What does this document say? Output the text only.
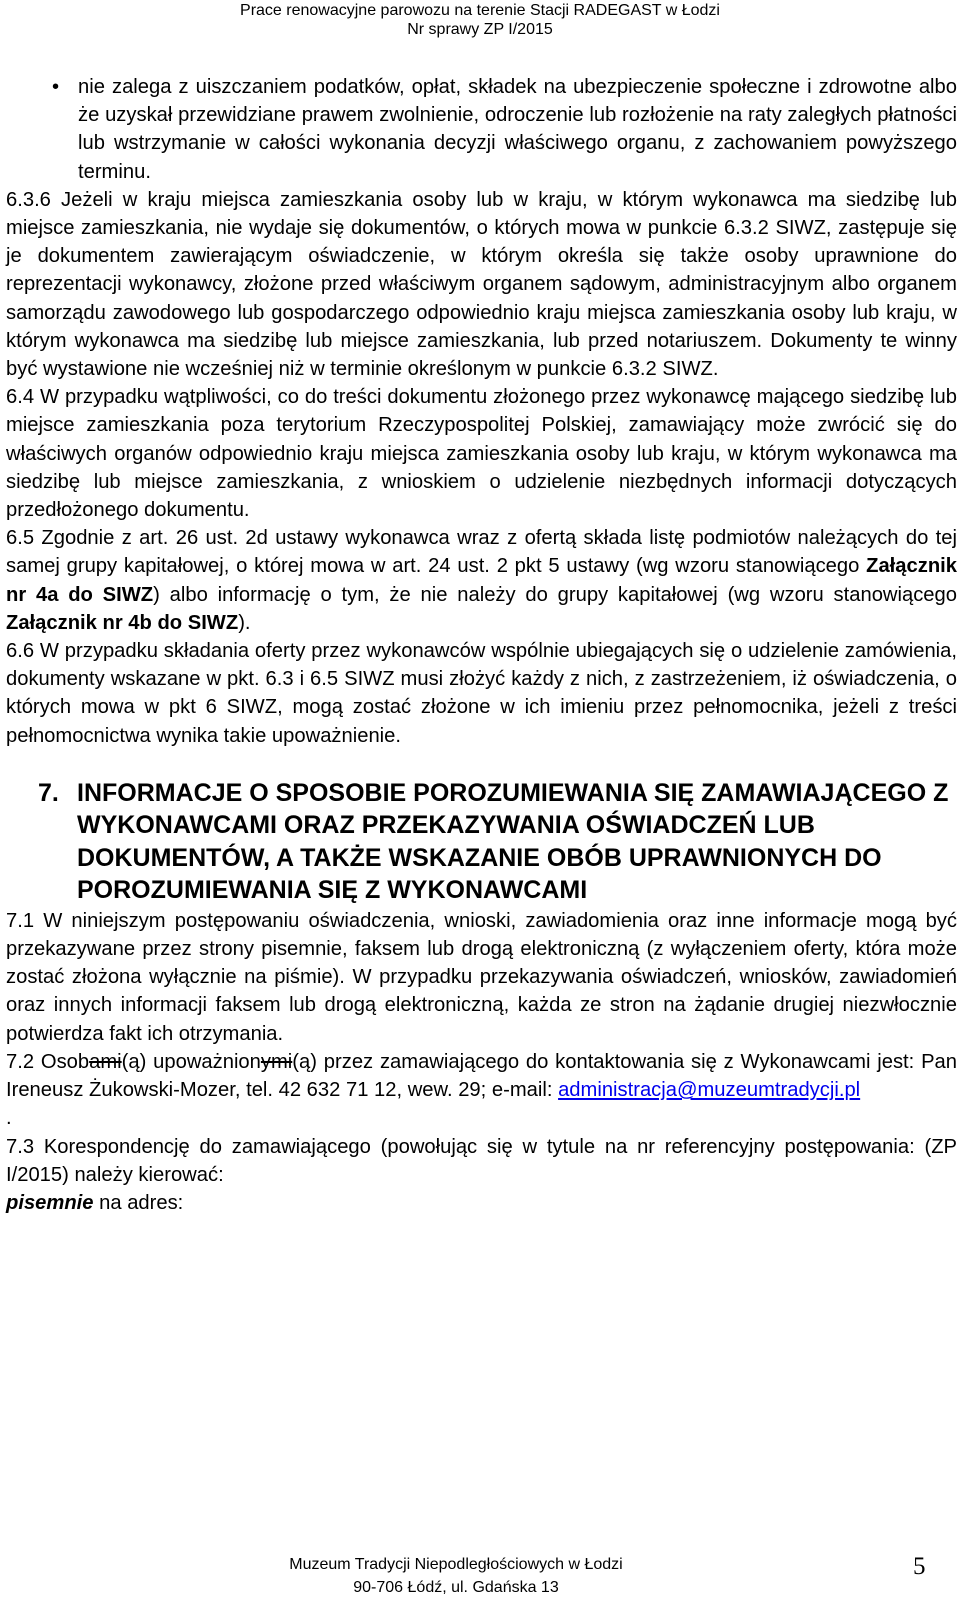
Prace renowacyjne parowozu na terenie Stacji RADEGAST w Łodzi
Nr sprawy ZP I/2015
• nie zalega z uiszczaniem podatków, opłat, składek na ubezpieczenie społeczne i zdrowotne albo że uzyskał przewidziane prawem zwolnienie, odroczenie lub rozłożenie na raty zaległych płatności lub wstrzymanie w całości wykonania decyzji właściwego organu, z zachowaniem powyższego terminu.

6.3.6 Jeżeli w kraju miejsca zamieszkania osoby lub w kraju, w którym wykonawca ma siedzibę lub miejsce zamieszkania, nie wydaje się dokumentów, o których mowa w punkcie 6.3.2 SIWZ, zastępuje się je dokumentem zawierającym oświadczenie, w którym określa się także osoby uprawnione do reprezentacji wykonawcy, złożone przed właściwym organem sądowym, administracyjnym albo organem samorządu zawodowego lub gospodarczego odpowiednio kraju miejsca zamieszkania osoby lub kraju, w którym wykonawca ma siedzibę lub miejsce zamieszkania, lub przed notariuszem. Dokumenty te winny być wystawione nie wcześniej niż w terminie określonym w punkcie 6.3.2 SIWZ.

6.4 W przypadku wątpliwości, co do treści dokumentu złożonego przez wykonawcę mającego siedzibę lub miejsce zamieszkania poza terytorium Rzeczypospolitej Polskiej, zamawiający może zwrócić się do właściwych organów odpowiednio kraju miejsca zamieszkania osoby lub kraju, w którym wykonawca ma siedzibę lub miejsce zamieszkania, z wnioskiem o udzielenie niezbędnych informacji dotyczących przedłożonego dokumentu.

6.5 Zgodnie z art. 26 ust. 2d ustawy wykonawca wraz z ofertą składa listę podmiotów należących do tej samej grupy kapitałowej, o której mowa w art. 24 ust. 2 pkt 5 ustawy (wg wzoru stanowiącego Załącznik nr 4a do SIWZ) albo informację o tym, że nie należy do grupy kapitałowej (wg wzoru stanowiącego Załącznik nr 4b do SIWZ).

6.6 W przypadku składania oferty przez wykonawców wspólnie ubiegających się o udzielenie zamówienia, dokumenty wskazane w pkt. 6.3 i 6.5 SIWZ musi złożyć każdy z nich, z zastrzeżeniem, iż oświadczenia, o których mowa w pkt 6 SIWZ, mogą zostać złożone w ich imieniu przez pełnomocnika, jeżeli z treści pełnomocnictwa wynika takie upoważnienie.

7. INFORMACJE O SPOSOBIE POROZUMIEWANIA SIĘ ZAMAWIAJĄCEGO Z WYKONAWCAMI ORAZ PRZEKAZYWANIA OŚWIADCZEŃ LUB DOKUMENTÓW, A TAKŻE WSKAZANIE OBÓB UPRAWNIONYCH DO POROZUMIEWANIA SIĘ Z WYKONAWCAMI

7.1 W niniejszym postępowaniu oświadczenia, wnioski, zawiadomienia oraz inne informacje mogą być przekazywane przez strony pisemnie, faksem lub drogą elektroniczną (z wyłączeniem oferty, która może zostać złożona wyłącznie na piśmie). W przypadku przekazywania oświadczeń, wniosków, zawiadomień oraz innych informacji faksem lub drogą elektroniczną, każda ze stron na żądanie drugiej niezwłocznie potwierdza fakt ich otrzymania.

7.2 Osobami(ą) upoważnionymi(ą) przez zamawiającego do kontaktowania się z Wykonawcami jest: Pan Ireneusz Żukowski-Mozer, tel. 42 632 71 12, wew. 29; e-mail: administracja@muzeumtradycji.pl

.

7.3 Korespondencję do zamawiającego (powołując się w tytule na nr referencyjny postępowania: (ZP I/2015) należy kierować:

pisemnie na adres:

Muzeum Tradycji Niepodległościowych w Łodzi
90-706 Łódź, ul. Gdańska 13
5
